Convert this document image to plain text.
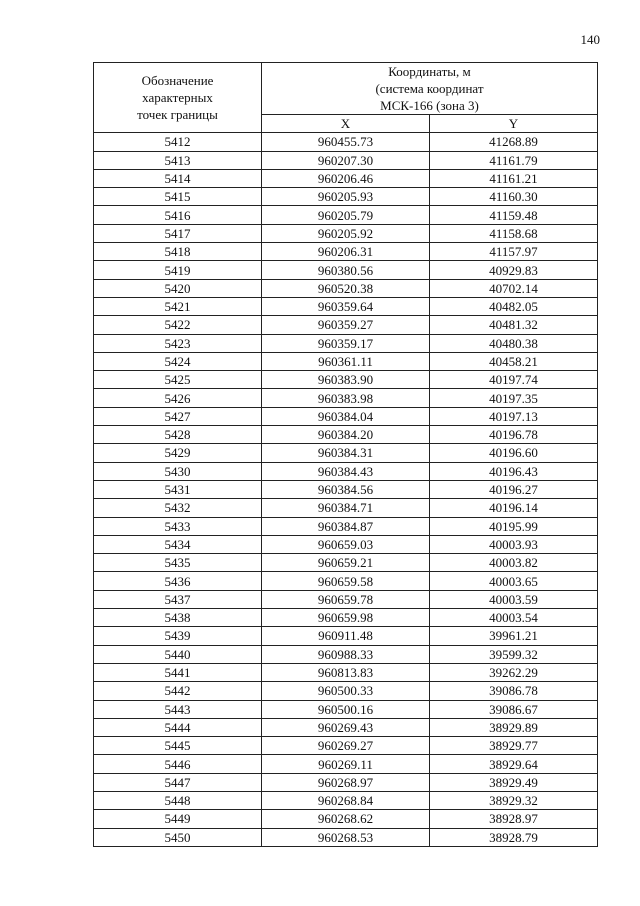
140
Обозначение
характерных
точек границы	Координаты, м
(система координат
МСК-166 (зона 3)	

	X	Y
5412	960455.73	41268.89
5413	960207.30	41161.79
5414	960206.46	41161.21
5415	960205.93	41160.30
5416	960205.79	41159.48
5417	960205.92	41158.68
5418	960206.31	41157.97
5419	960380.56	40929.83
5420	960520.38	40702.14
5421	960359.64	40482.05
5422	960359.27	40481.32
5423	960359.17	40480.38
5424	960361.11	40458.21
5425	960383.90	40197.74
5426	960383.98	40197.35
5427	960384.04	40197.13
5428	960384.20	40196.78
5429	960384.31	40196.60
5430	960384.43	40196.43
5431	960384.56	40196.27
5432	960384.71	40196.14
5433	960384.87	40195.99
5434	960659.03	40003.93
5435	960659.21	40003.82
5436	960659.58	40003.65
5437	960659.78	40003.59
5438	960659.98	40003.54
5439	960911.48	39961.21
5440	960988.33	39599.32
5441	960813.83	39262.29
5442	960500.33	39086.78
5443	960500.16	39086.67
5444	960269.43	38929.89
5445	960269.27	38929.77
5446	960269.11	38929.64
5447	960268.97	38929.49
5448	960268.84	38929.32
5449	960268.62	38928.97
5450	960268.53	38928.79
